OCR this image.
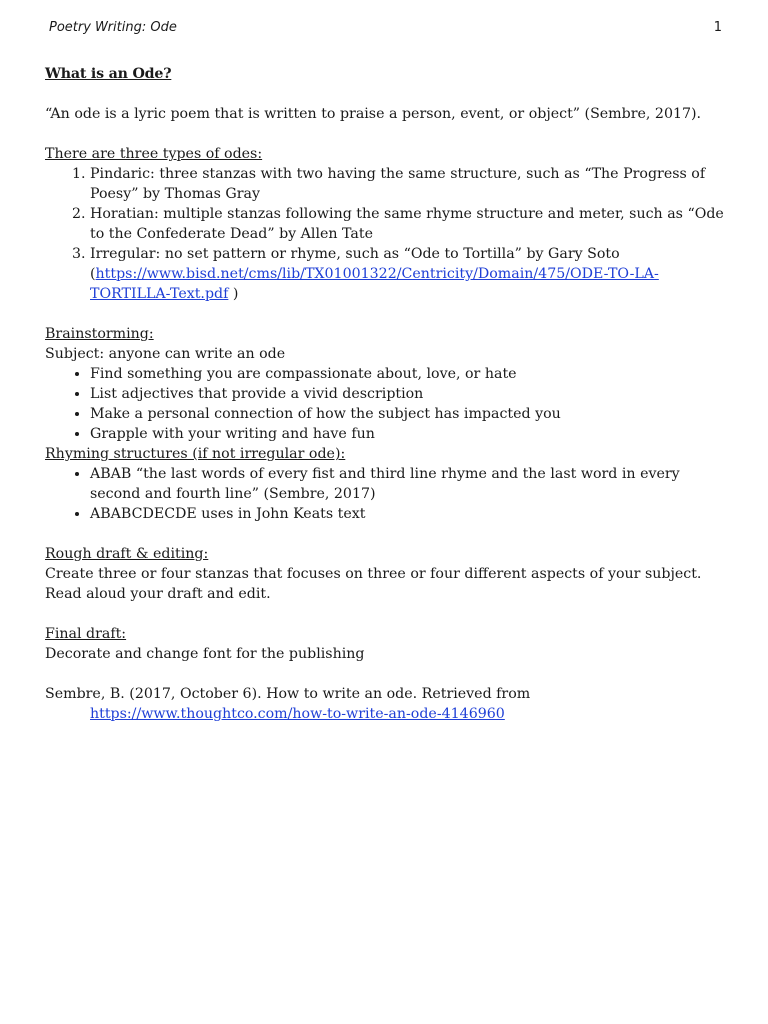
Poetry Writing: Ode	1

What is an Ode?

“An ode is a lyric poem that is written to praise a person, event, or object” (Sembre, 2017).

There are three types of odes:

1. Pindaric: three stanzas with two having the same structure, such as “The Progress of Poesy” by Thomas Gray
2. Horatian: multiple stanzas following the same rhyme structure and meter, such as “Ode to the Confederate Dead” by Allen Tate
3. Irregular: no set pattern or rhyme, such as “Ode to Tortilla” by Gary Soto
(https://www.bisd.net/cms/lib/TX01001322/Centricity/Domain/475/ODE-TO-LA-TORTILLA-Text.pdf )

Brainstorming:

Subject: anyone can write an ode

• Find something you are compassionate about, love, or hate
• List adjectives that provide a vivid description
• Make a personal connection of how the subject has impacted you
• Grapple with your writing and have fun

Rhyming structures (if not irregular ode):

• ABAB “the last words of every fist and third line rhyme and the last word in every second and fourth line” (Sembre, 2017)
• ABABCDECDE uses in John Keats text

Rough draft & editing:

Create three or four stanzas that focuses on three or four different aspects of your subject.

Read aloud your draft and edit.

Final draft:

Decorate and change font for the publishing

Sembre, B. (2017, October 6). How to write an ode. Retrieved from

https://www.thoughtco.com/how-to-write-an-ode-4146960
